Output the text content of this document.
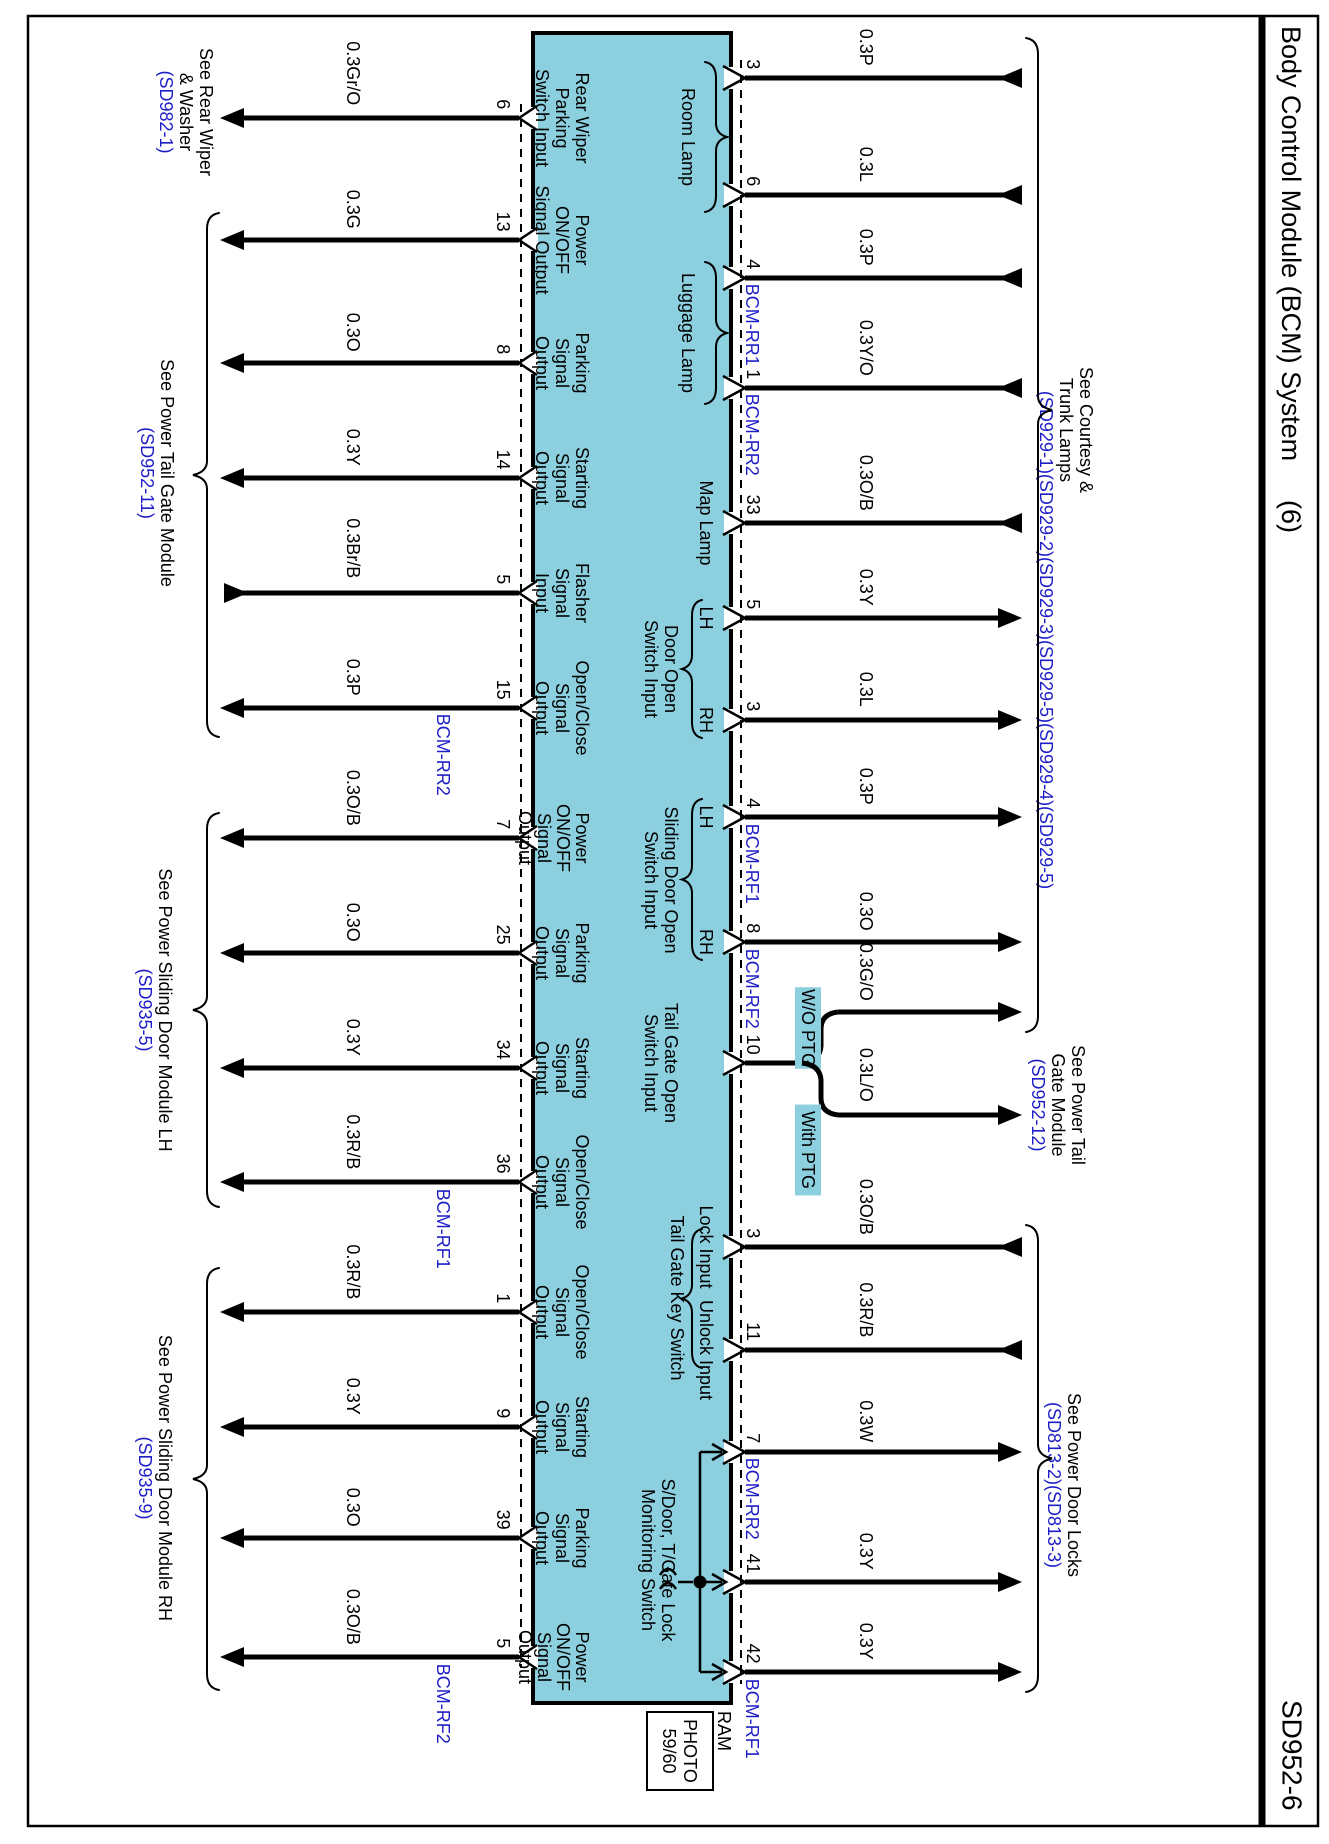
Body Control Module (BCM) System
(6)
SD952-6
Room Lamp
Luggage Lamp
Map Lamp
Door Open
Switch Input
LH
RH
Sliding Door Open
Switch Input
LH
RH
Tail Gate Open
Switch Input
Tail Gate Key Switch Lock Input
Unlock Input
S/Door, T/Gate Lock
Monitoring Switch
Rear Wiper
Parking
Switch Input
0.3Gr/O	6
Power
ON/OFF
Signal Output
0.3G	13
Parking
Signal
Output
0.3O	8
Starting
Signal
Output
0.3Y	14
Flasher
Signal
Input
0.3Br/B
5
Open/Close
Signal
Output
0.3P	15
BCM-RR2
Power
ON/OFF
Signal
Output
0.3O/B	7
Parking
Signal
Output
0.3O	25
Starting
Signal
Output
0.3Y	34
Open/Close
Signal
Output
0.3R/B	36
BCM-RF1
Open/Close
Signal
Output
0.3R/B	1
Starting
Signal
Output
0.3Y	9
Parking
Signal
Output
0.3O	39
Power
ON/OFF
Signal
Output
0.3O/B	5
BCM-RF2
0.3P
3
0.3L
6
0.3P
4
BCM-RR1	0.3Y/O
1
BCM-RR2
0.3O/B
33
0.3Y
5
0.3L
3
0.3P
4
BCM-RF1
0.3O
8
BCM-RF2
10
0.3O/B
3
0.3R/B
11
0.3W
7
BCM-RR2
0.3Y
41
0.3Y
42
BCM-RF1
0.3G/O
W/O PTG
0.3L/O
With PTG
See Rear Wiper
& Washer
(SD982-1)
See Power Tail Gate Module
(SD952-11)
See Power Sliding Door Module LH
(SD935-5)
See Power Sliding Door Module RH
(SD935-9)
See Courtesy &
Trunk Lamps
(SD929-1)(SD929-2)(SD929-3)(SD929-5)(SD929-4)(SD929-5)
See Power Tail
Gate Module
(SD952-12)
See Power Door Locks
(SD813-2)(SD813-3)
PHOTO
59/60 RAM
